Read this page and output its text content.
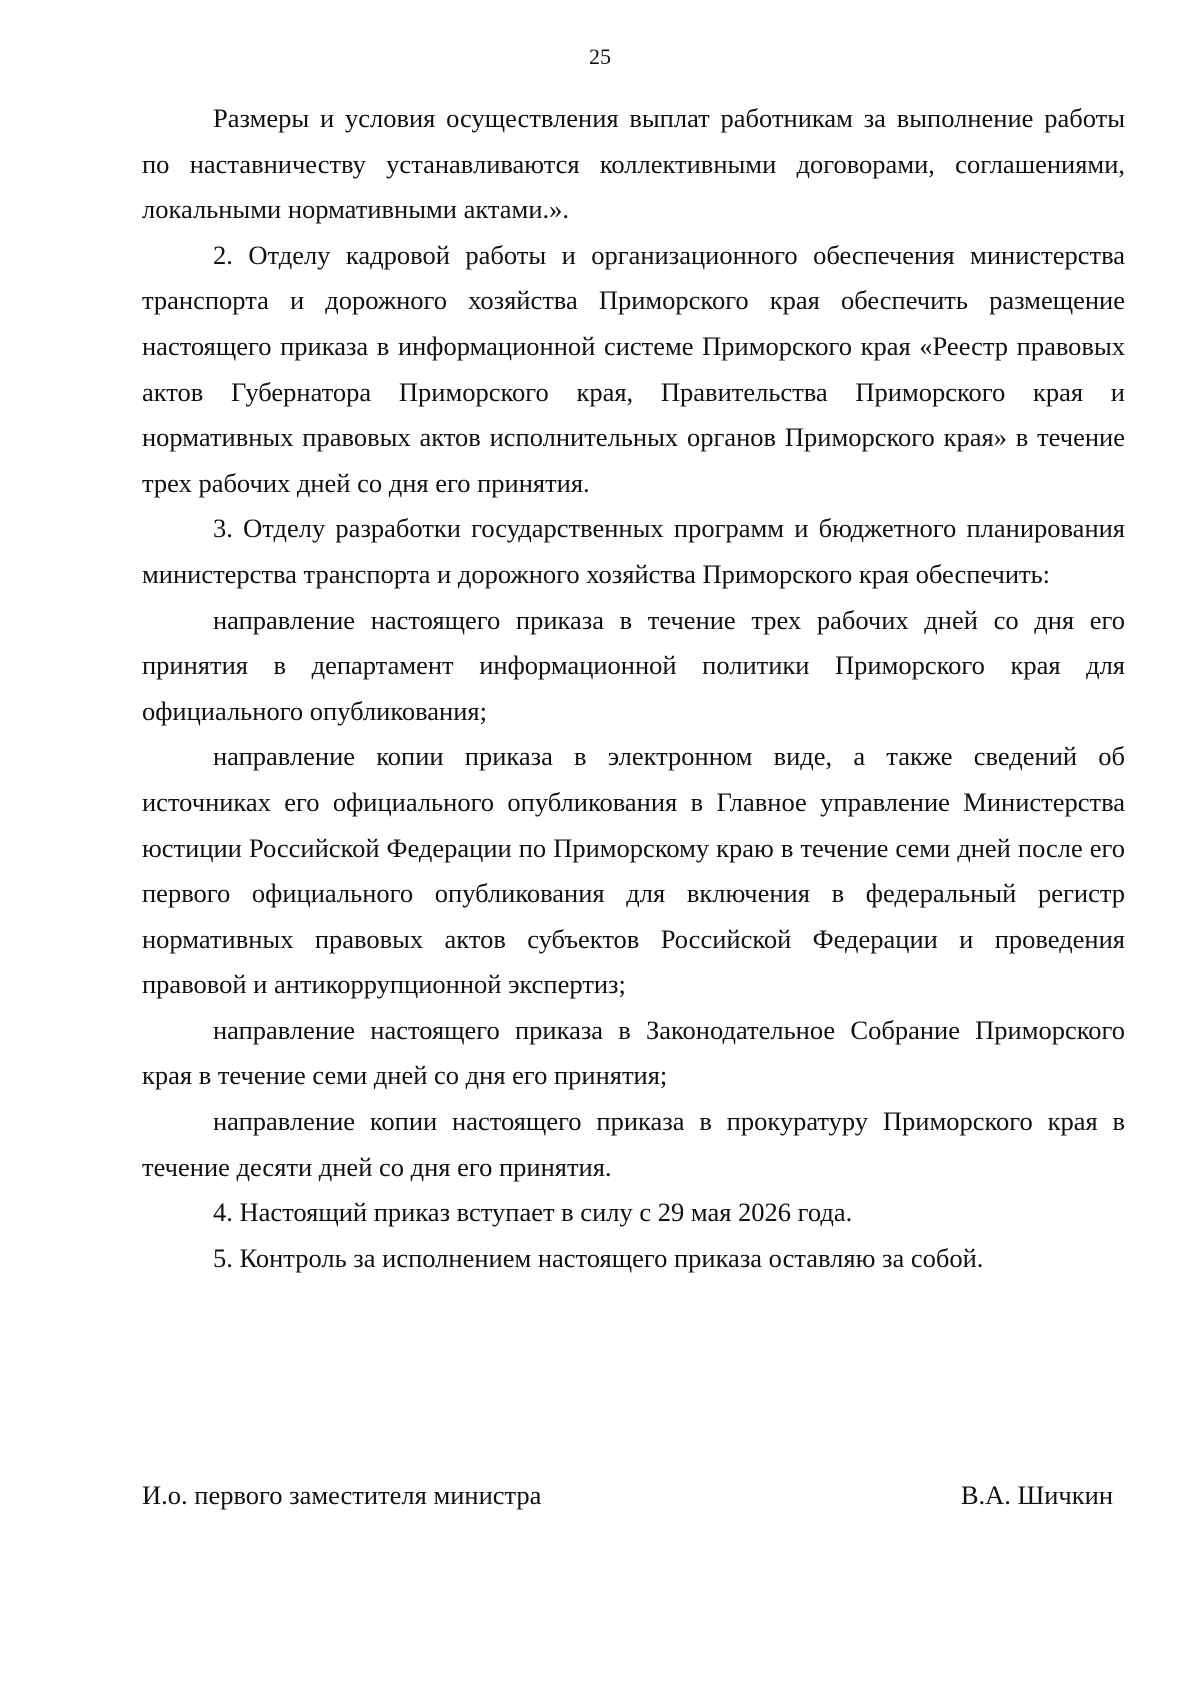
25

Размеры и условия осуществления выплат работникам за выполнение работы по наставничеству устанавливаются коллективными договорами, соглашениями, локальными нормативными актами.».

2. Отделу кадровой работы и организационного обеспечения министерства транспорта и дорожного хозяйства Приморского края обеспечить размещение настоящего приказа в информационной системе Приморского края «Реестр правовых актов Губернатора Приморского края, Правительства Приморского края и нормативных правовых актов исполнительных органов Приморского края» в течение трех рабочих дней со дня его принятия.

3. Отделу разработки государственных программ и бюджетного планирования министерства транспорта и дорожного хозяйства Приморского края обеспечить:

направление настоящего приказа в течение трех рабочих дней со дня его принятия в департамент информационной политики Приморского края для официального опубликования;

направление копии приказа в электронном виде, а также сведений об источниках его официального опубликования в Главное управление Министерства юстиции Российской Федерации по Приморскому краю в течение семи дней после его первого официального опубликования для включения в федеральный регистр нормативных правовых актов субъектов Российской Федерации и проведения правовой и антикоррупционной экспертиз;

направление настоящего приказа в Законодательное Собрание Приморского края в течение семи дней со дня его принятия;

направление копии настоящего приказа в прокуратуру Приморского края в течение десяти дней со дня его принятия.

4. Настоящий приказ вступает в силу с 29 мая 2026 года.

5. Контроль за исполнением настоящего приказа оставляю за собой.

И.о. первого заместителя министра	В.А. Шичкин
